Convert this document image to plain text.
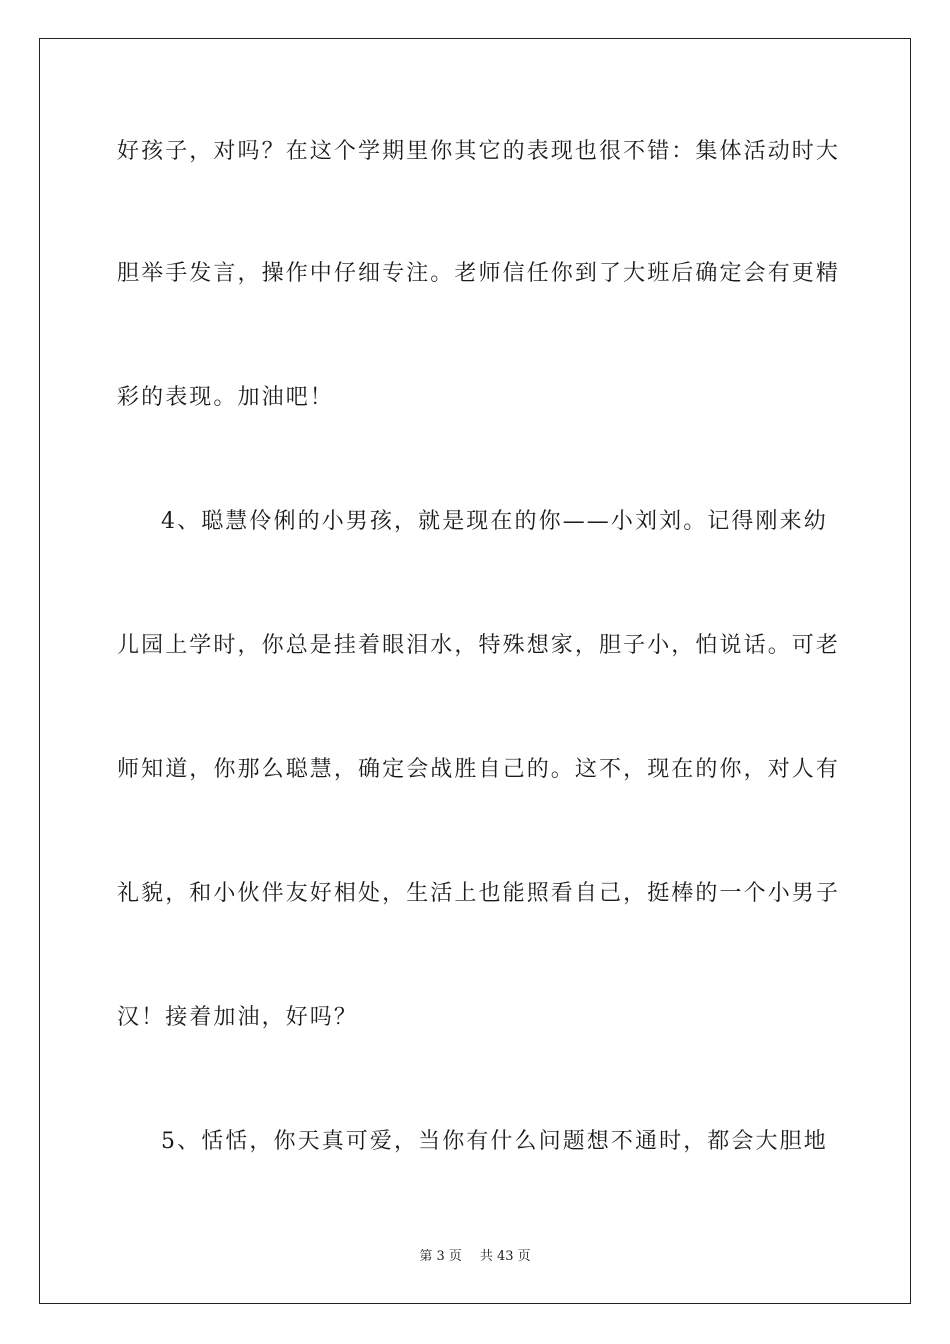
好孩子，对吗？在这个学期里你其它的表现也很不错：集体活动时大
胆举手发言，操作中仔细专注。老师信任你到了大班后确定会有更精
彩的表现。加油吧！
4、聪慧伶俐的小男孩，就是现在的你——小刘刘。记得刚来幼
儿园上学时，你总是挂着眼泪水，特殊想家，胆子小，怕说话。可老
师知道，你那么聪慧，确定会战胜自己的。这不，现在的你，对人有
礼貌，和小伙伴友好相处，生活上也能照看自己，挺棒的一个小男子
汉！接着加油，好吗？
5、恬恬，你天真可爱，当你有什么问题想不通时，都会大胆地
第 3 页 共 43 页
